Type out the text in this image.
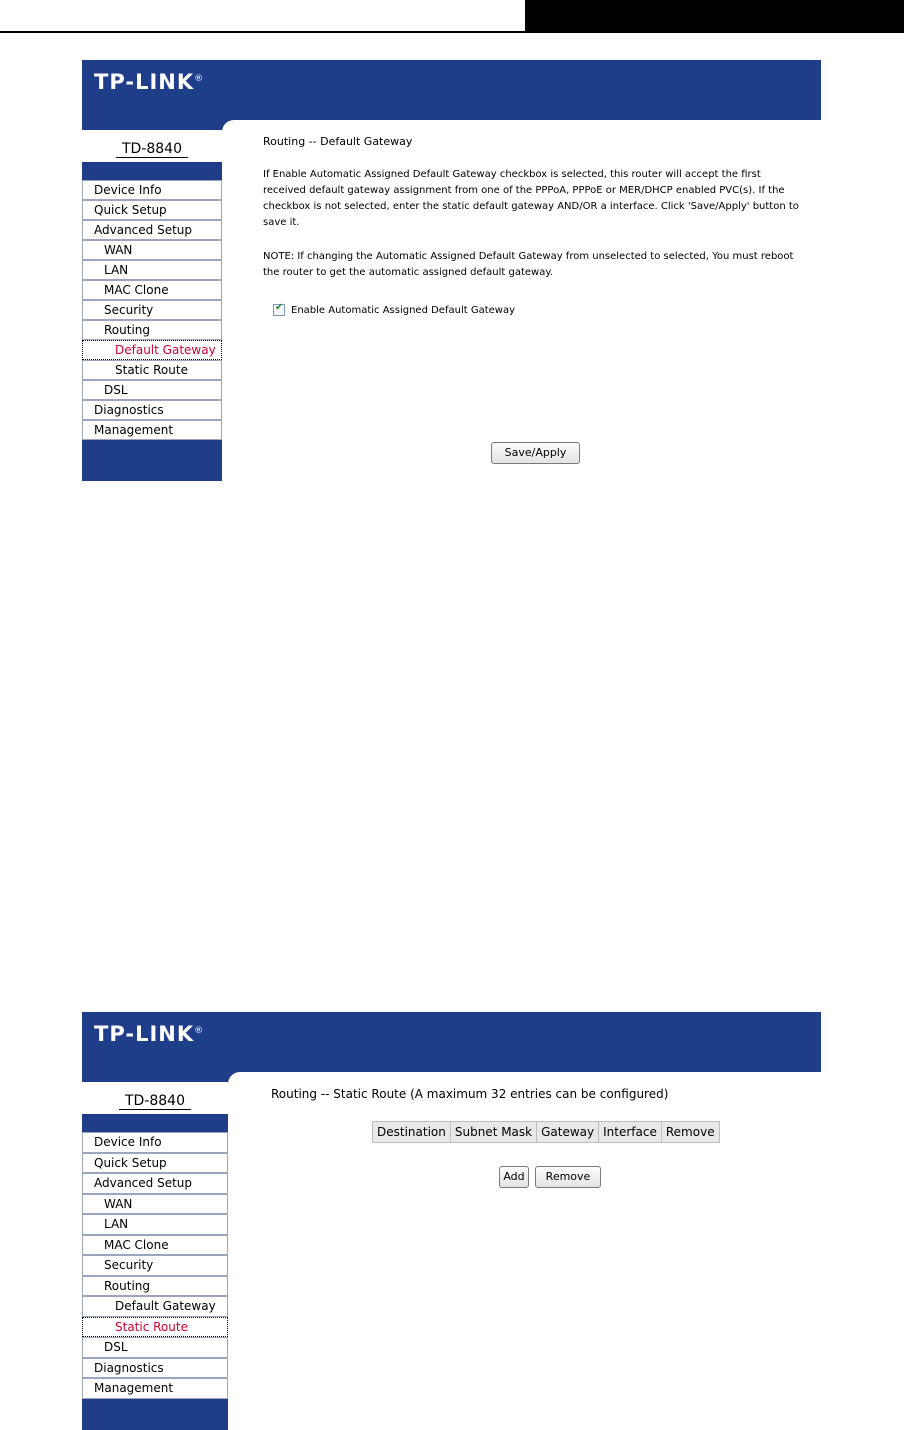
TP-LINK®
TD-8840
Device Info
Quick Setup
Advanced Setup
WAN
LAN
MAC Clone
Security
Routing
Default Gateway
Static Route
DSL
Diagnostics
Management
Routing -- Default Gateway
If Enable Automatic Assigned Default Gateway checkbox is selected, this router will accept the first received default gateway assignment from one of the PPPoA, PPPoE or MER/DHCP enabled PVC(s). If the checkbox is not selected, enter the static default gateway AND/OR a interface. Click 'Save/Apply' button to save it.
NOTE: If changing the Automatic Assigned Default Gateway from unselected to selected, You must reboot the router to get the automatic assigned default gateway.
✔
Enable Automatic Assigned Default Gateway
Save/Apply
TP-LINK®
TD-8840
Device Info
Quick Setup
Advanced Setup
WAN
LAN
MAC Clone
Security
Routing
Default Gateway
Static Route
DSL
Diagnostics
Management
Routing -- Static Route (A maximum 32 entries can be configured)
Destination	Subnet Mask	Gateway	Interface	Remove
Add	Remove
